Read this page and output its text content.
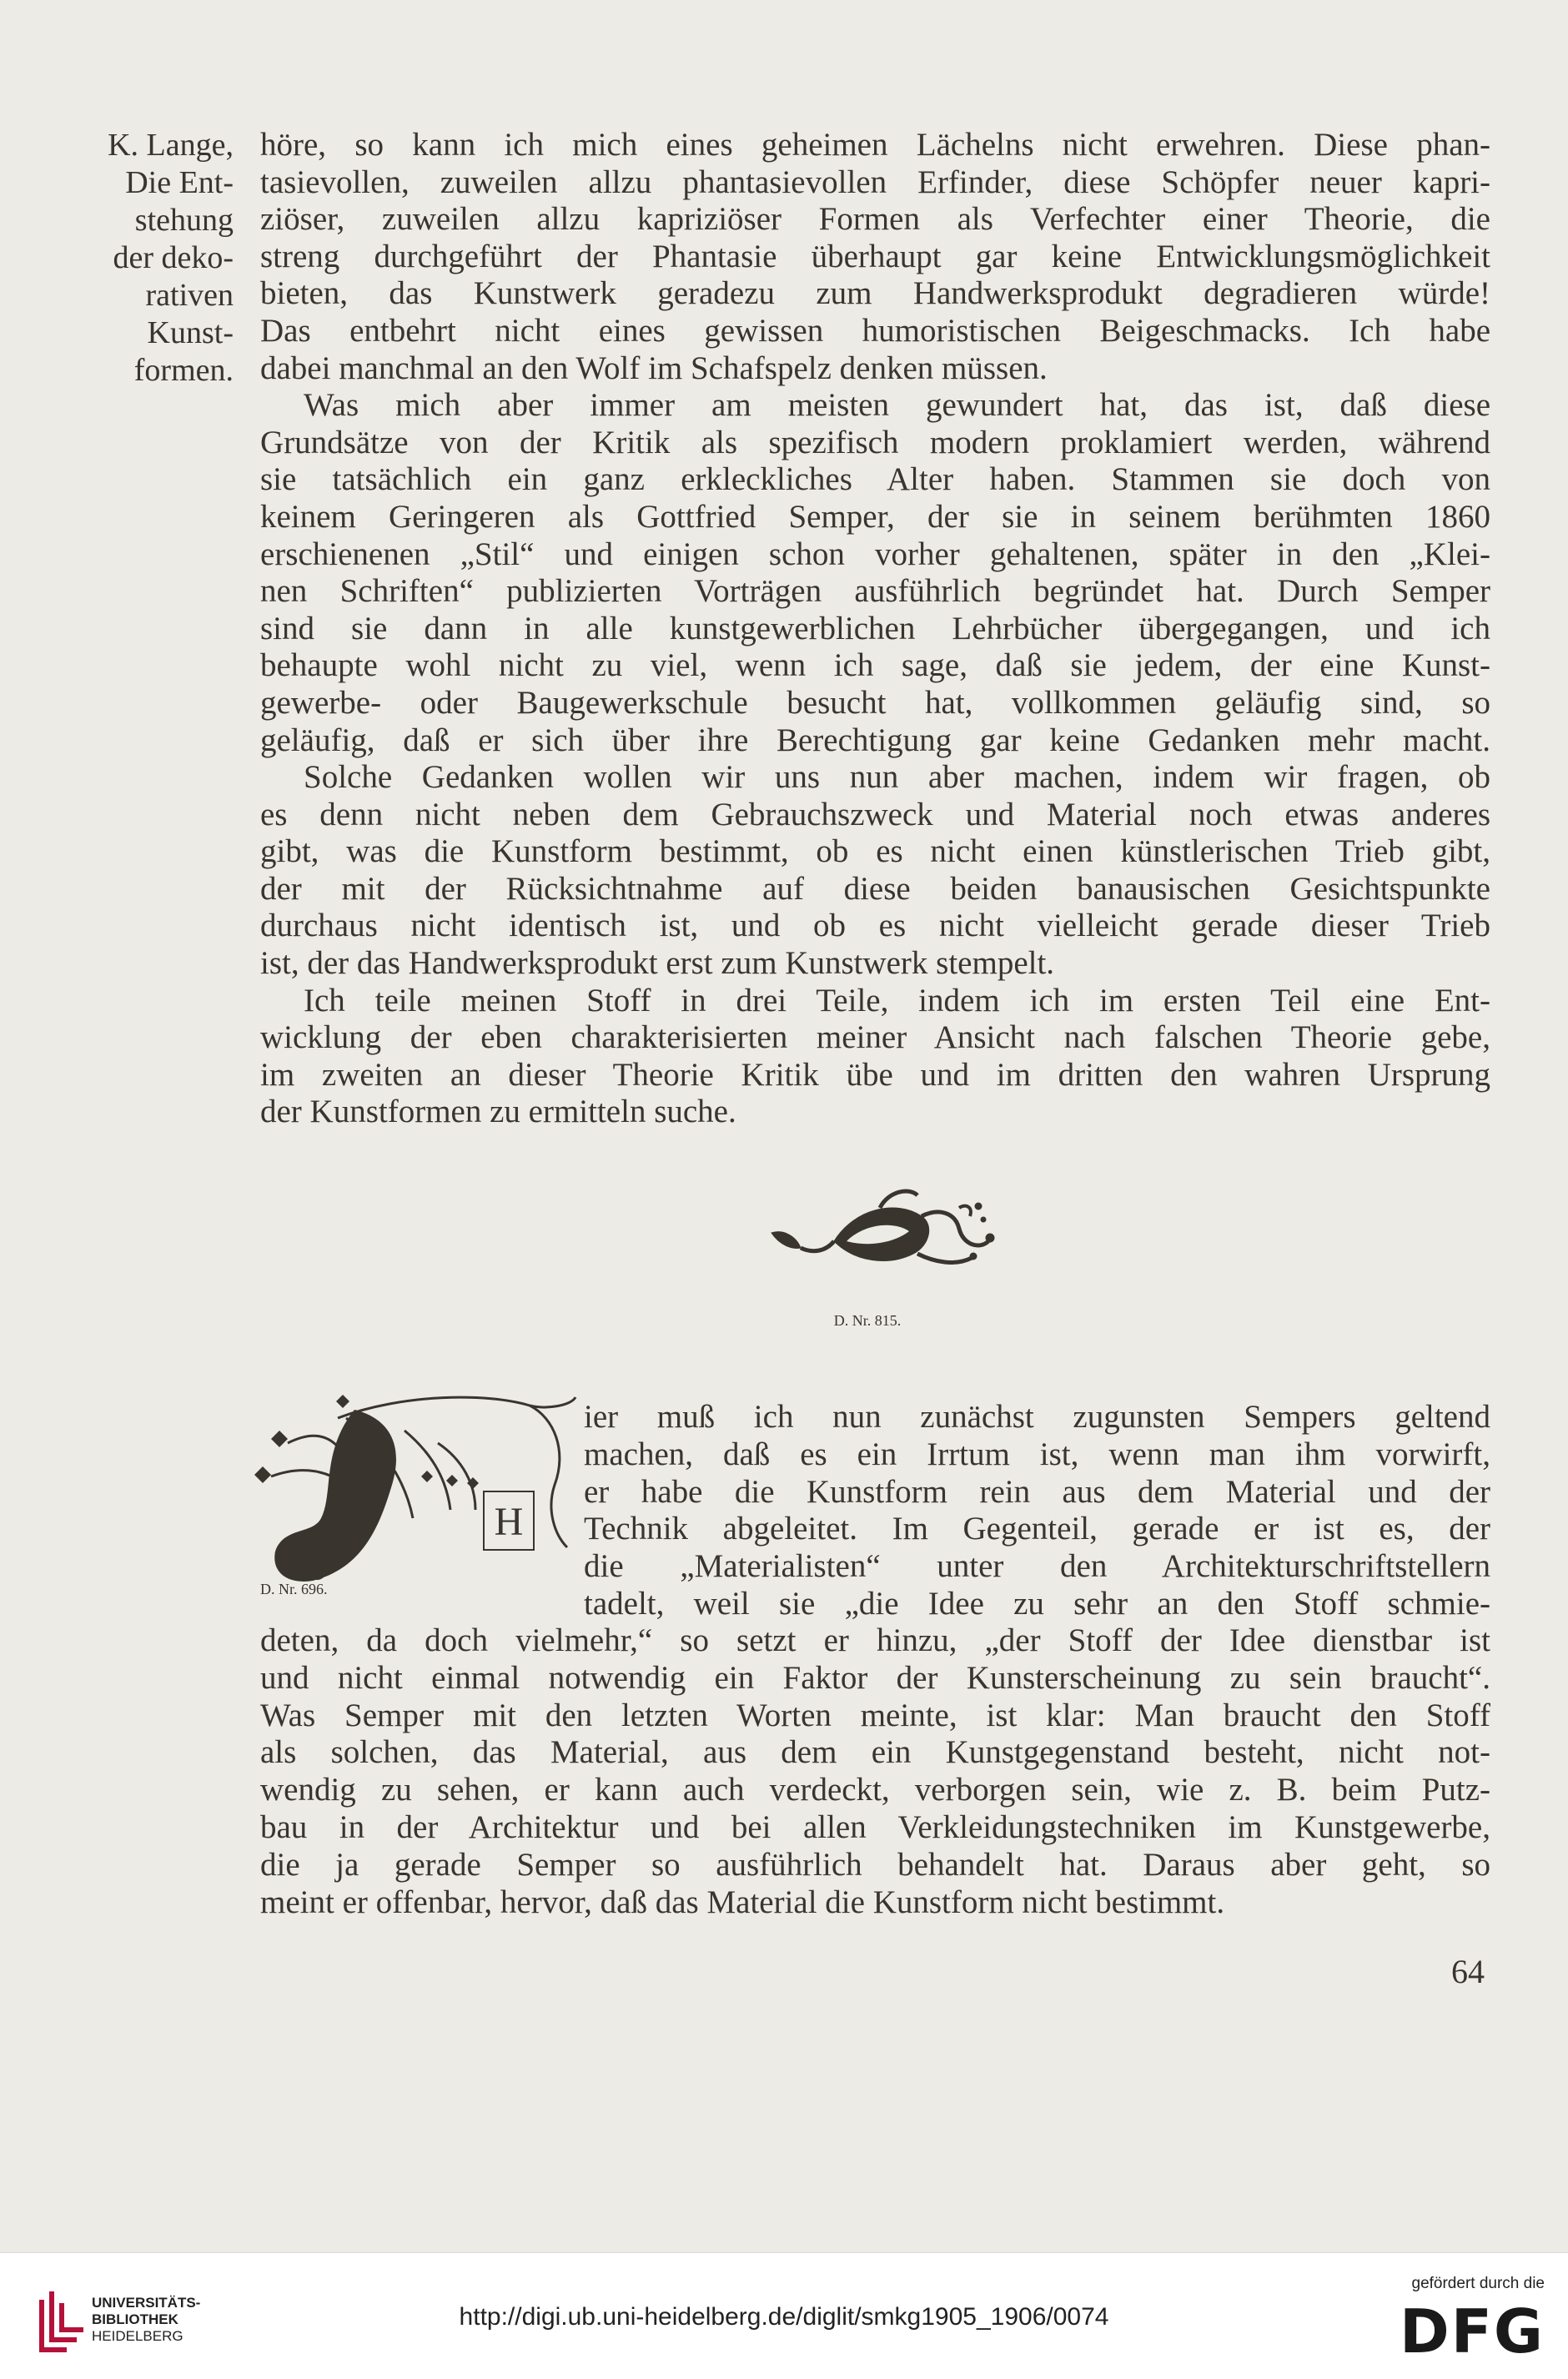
K. Lange,
Die Ent-
stehung
der deko-
rativen
Kunst-
formen.
höre, so kann ich mich eines geheimen Lächelns nicht erwehren. Diese phan-
tasievollen, zuweilen allzu phantasievollen Erfinder, diese Schöpfer neuer kapri-
ziöser, zuweilen allzu kapriziöser Formen als Verfechter einer Theorie, die
streng durchgeführt der Phantasie überhaupt gar keine Entwicklungsmöglichkeit
bieten, das Kunstwerk geradezu zum Handwerksprodukt degradieren würde!
Das entbehrt nicht eines gewissen humoristischen Beigeschmacks. Ich habe
dabei manchmal an den Wolf im Schafspelz denken müssen.
Was mich aber immer am meisten gewundert hat, das ist, daß diese
Grundsätze von der Kritik als spezifisch modern proklamiert werden, während
sie tatsächlich ein ganz erkleckliches Alter haben. Stammen sie doch von
keinem Geringeren als Gottfried Semper, der sie in seinem berühmten 1860
erschienenen „Stil“ und einigen schon vorher gehaltenen, später in den „Klei-
nen Schriften“ publizierten Vorträgen ausführlich begründet hat. Durch Semper
sind sie dann in alle kunstgewerblichen Lehrbücher übergegangen, und ich
behaupte wohl nicht zu viel, wenn ich sage, daß sie jedem, der eine Kunst-
gewerbe- oder Baugewerkschule besucht hat, vollkommen geläufig sind, so
geläufig, daß er sich über ihre Berechtigung gar keine Gedanken mehr macht.
Solche Gedanken wollen wir uns nun aber machen, indem wir fragen, ob
es denn nicht neben dem Gebrauchszweck und Material noch etwas anderes
gibt, was die Kunstform bestimmt, ob es nicht einen künstlerischen Trieb gibt,
der mit der Rücksichtnahme auf diese beiden banausischen Gesichtspunkte
durchaus nicht identisch ist, und ob es nicht vielleicht gerade dieser Trieb
ist, der das Handwerksprodukt erst zum Kunstwerk stempelt.
Ich teile meinen Stoff in drei Teile, indem ich im ersten Teil eine Ent-
wicklung der eben charakterisierten meiner Ansicht nach falschen Theorie gebe,
im zweiten an dieser Theorie Kritik übe und im dritten den wahren Ursprung
der Kunstformen zu ermitteln suche.
D. Nr. 815.
H
D. Nr. 696.
ier muß ich nun zunächst zugunsten Sempers geltend
machen, daß es ein Irrtum ist, wenn man ihm vorwirft,
er habe die Kunstform rein aus dem Material und der
Technik abgeleitet. Im Gegenteil, gerade er ist es, der
die „Materialisten“ unter den Architekturschriftstellern
tadelt, weil sie „die Idee zu sehr an den Stoff schmie-
deten, da doch vielmehr,“ so setzt er hinzu, „der Stoff der Idee dienstbar ist
und nicht einmal notwendig ein Faktor der Kunsterscheinung zu sein braucht“.
Was Semper mit den letzten Worten meinte, ist klar: Man braucht den Stoff
als solchen, das Material, aus dem ein Kunstgegenstand besteht, nicht not-
wendig zu sehen, er kann auch verdeckt, verborgen sein, wie z. B. beim Putz-
bau in der Architektur und bei allen Verkleidungstechniken im Kunstgewerbe,
die ja gerade Semper so ausführlich behandelt hat. Daraus aber geht, so
meint er offenbar, hervor, daß das Material die Kunstform nicht bestimmt.
64
UNIVERSITÄTS-
BIBLIOTHEK
HEIDELBERG
http://digi.ub.uni-heidelberg.de/diglit/smkg1905_1906/0074
gefördert durch die
DFG
